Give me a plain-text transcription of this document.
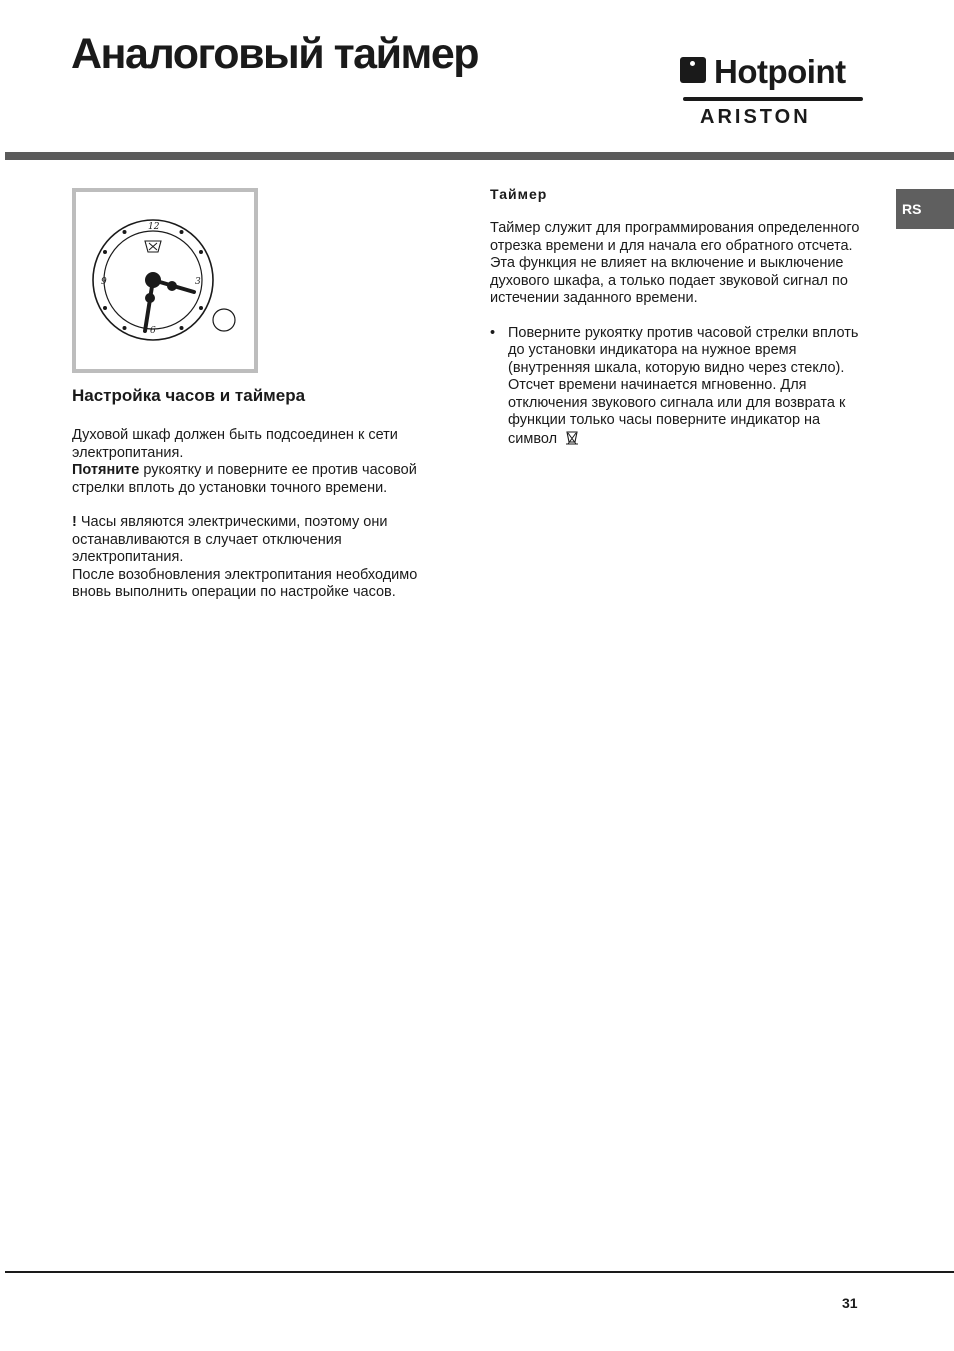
Аналоговый таймер	Hotpoint
ARISTON
RS
12
3
6
9
Настройка часов и таймера

Духовой шкаф должен быть подсоединен к сети электропитания.

Потяните рукоятку и поверните ее против часовой стрелки вплоть до установки точного времени.

! Часы являются электрическими, поэтому они останавливаются в случает отключения электропитания.

После возобновления электропитания необходимо вновь выполнить операции по настройке часов.

Таймер

Таймер служит для программирования определенного отрезка времени и для начала его обратного отсчета. Эта функция не влияет на включение и выключение духового шкафа, а только подает звуковой сигнал по истечении заданного времени.

• Поверните рукоятку против часовой стрелки вплоть до установки индикатора на нужное время (внутренняя шкала, которую видно через стекло). Отсчет времени начинается мгновенно. Для отключения звукового сигнала или для возврата к функции только часы поверните индикатор на символ

31
